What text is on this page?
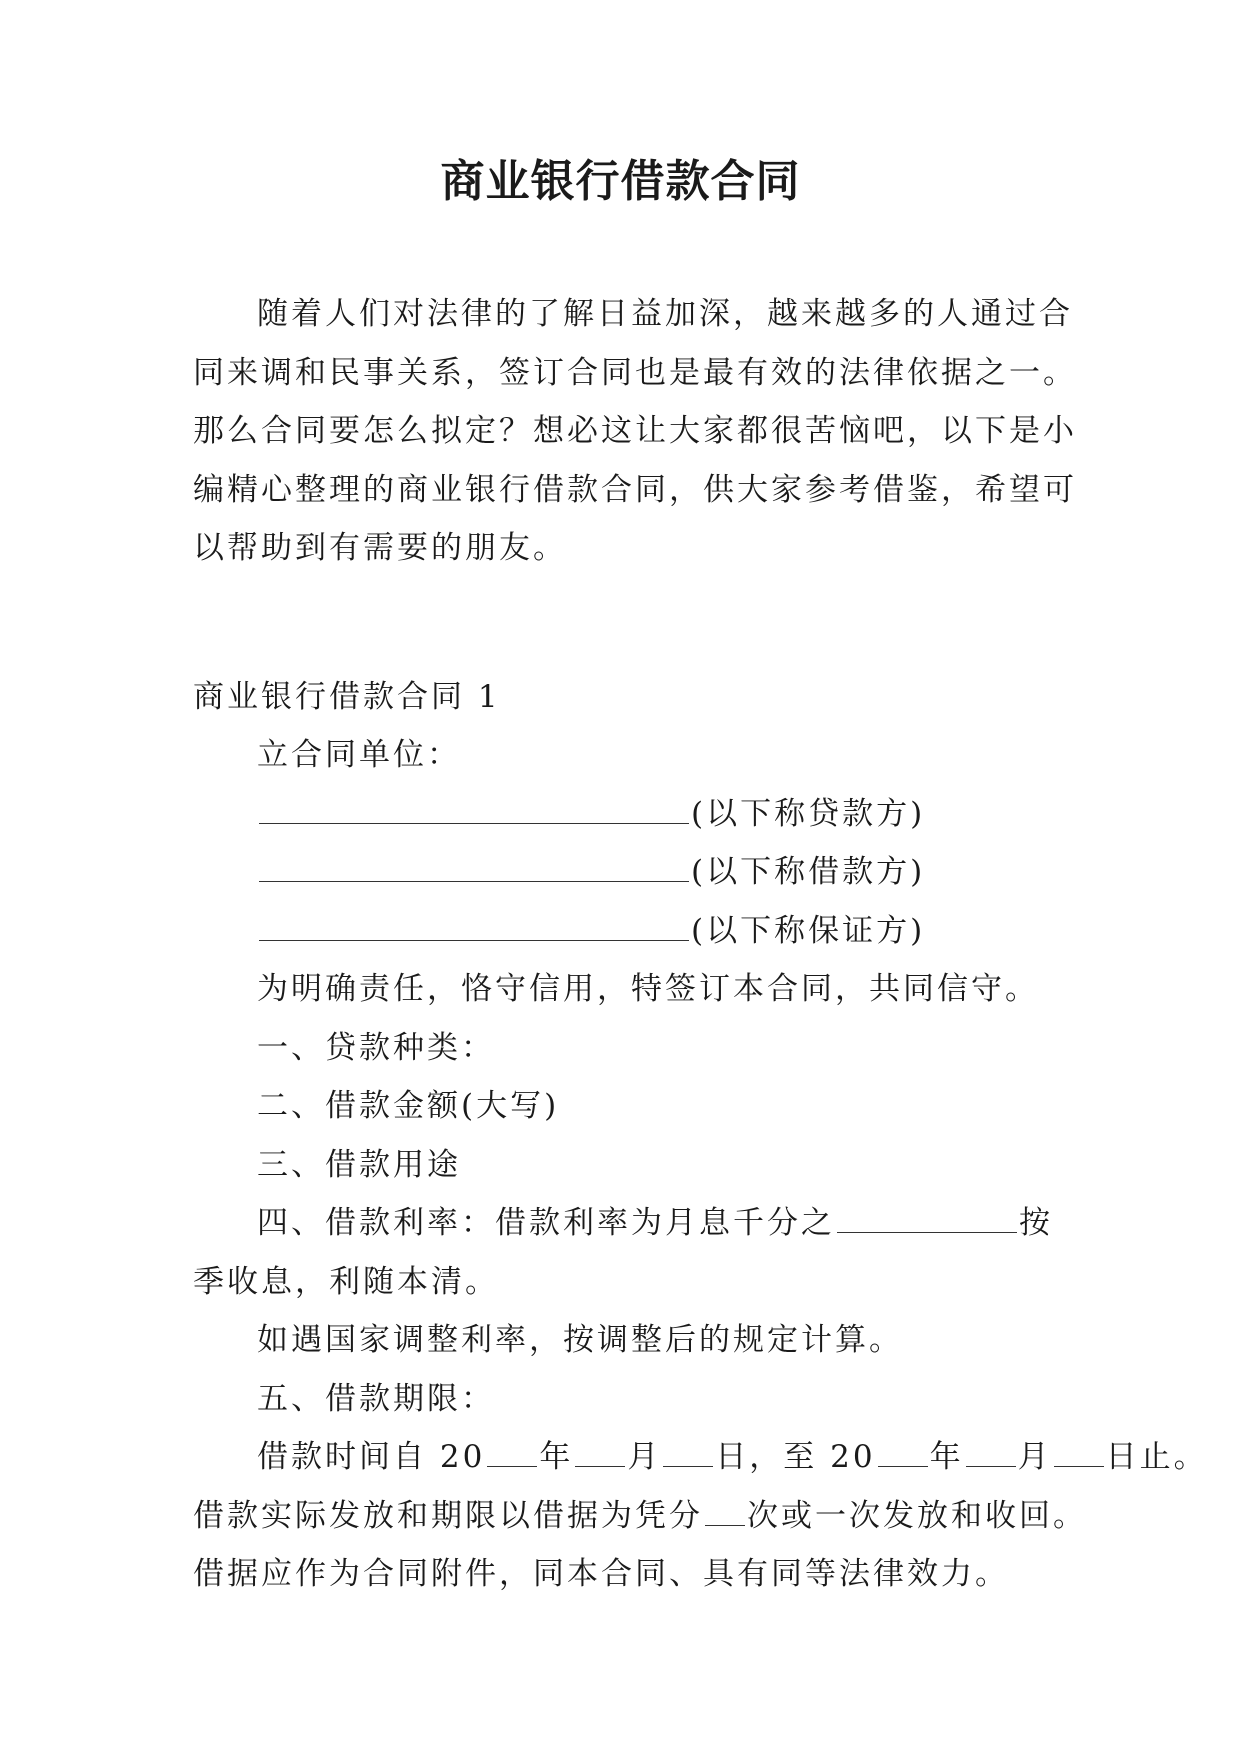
商业银行借款合同

随着人们对法律的了解日益加深，越来越多的人通过合

同来调和民事关系，签订合同也是最有效的法律依据之一。

那么合同要怎么拟定？想必这让大家都很苦恼吧，以下是小

编精心整理的商业银行借款合同，供大家参考借鉴，希望可

以帮助到有需要的朋友。

商业银行借款合同 1

立合同单位：

(以下称贷款方)

(以下称借款方)

(以下称保证方)

为明确责任，恪守信用，特签订本合同，共同信守。

一、贷款种类：

二、借款金额(大写)

三、借款用途

四、借款利率：借款利率为月息千分之	按

季收息，利随本清。

如遇国家调整利率，按调整后的规定计算。

五、借款期限：

借款时间自 20 年 月 日，至 20 年 月 日止。

借款实际发放和期限以借据为凭分 次或一次发放和收回。

借据应作为合同附件，同本合同、具有同等法律效力。
